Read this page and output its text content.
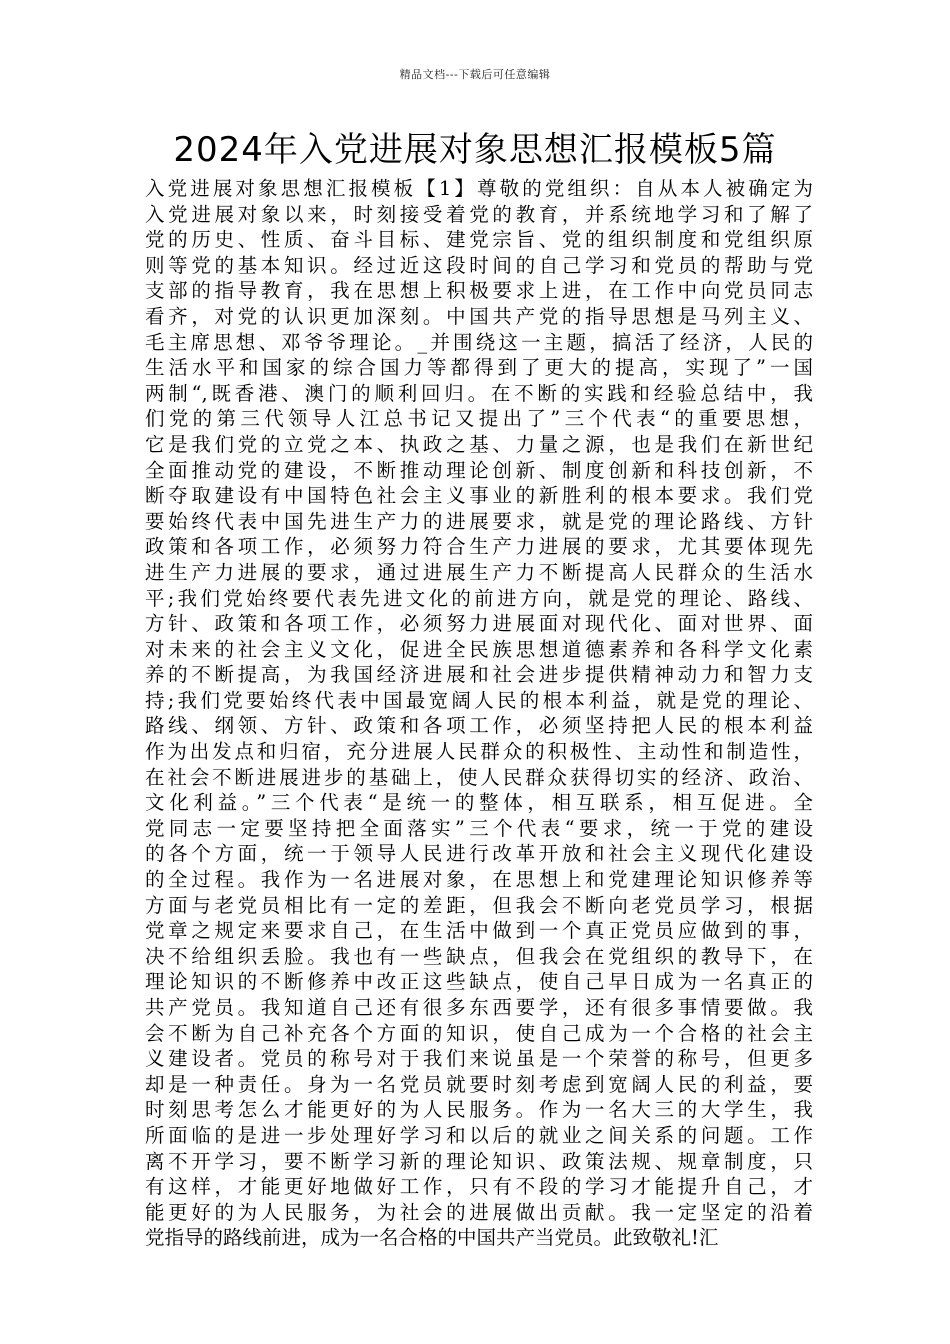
精品文档---下载后可任意编辑
2024年入党进展对象思想汇报模板5篇
入党进展对象思想汇报模板【1】尊敬的党组织：自从本人被确定为
入党进展对象以来，时刻接受着党的教育，并系统地学习和了解了
党的历史、性质、奋斗目标、建党宗旨、党的组织制度和党组织原
则等党的基本知识。经过近这段时间的自己学习和党员的帮助与党
支部的指导教育，我在思想上积极要求上进，在工作中向党员同志
看齐，对党的认识更加深刻。中国共产党的指导思想是马列主义、
毛主席思想、邓爷爷理论。_并围绕这一主题，搞活了经济，人民的
生活水平和国家的综合国力等都得到了更大的提高，实现了”一国
两制“,既香港、澳门的顺利回归。在不断的实践和经验总结中，我
们党的第三代领导人江总书记又提出了”三个代表“的重要思想，
它是我们党的立党之本、执政之基、力量之源，也是我们在新世纪
全面推动党的建设，不断推动理论创新、制度创新和科技创新，不
断夺取建设有中国特色社会主义事业的新胜利的根本要求。我们党
要始终代表中国先进生产力的进展要求，就是党的理论路线、方针
政策和各项工作，必须努力符合生产力进展的要求，尤其要体现先
进生产力进展的要求，通过进展生产力不断提高人民群众的生活水
平;我们党始终要代表先进文化的前进方向，就是党的理论、路线、
方针、政策和各项工作，必须努力进展面对现代化、面对世界、面
对未来的社会主义文化，促进全民族思想道德素养和各科学文化素
养的不断提高，为我国经济进展和社会进步提供精神动力和智力支
持;我们党要始终代表中国最宽阔人民的根本利益，就是党的理论、
路线、纲领、方针、政策和各项工作，必须坚持把人民的根本利益
作为出发点和归宿，充分进展人民群众的积极性、主动性和制造性，
在社会不断进展进步的基础上，使人民群众获得切实的经济、政治、
文化利益。”三个代表“是统一的整体，相互联系，相互促进。全
党同志一定要坚持把全面落实”三个代表“要求，统一于党的建设
的各个方面，统一于领导人民进行改革开放和社会主义现代化建设
的全过程。我作为一名进展对象，在思想上和党建理论知识修养等
方面与老党员相比有一定的差距，但我会不断向老党员学习，根据
党章之规定来要求自己，在生活中做到一个真正党员应做到的事，
决不给组织丢脸。我也有一些缺点，但我会在党组织的教导下，在
理论知识的不断修养中改正这些缺点，使自己早日成为一名真正的
共产党员。我知道自己还有很多东西要学，还有很多事情要做。我
会不断为自己补充各个方面的知识，使自己成为一个合格的社会主
义建设者。党员的称号对于我们来说虽是一个荣誉的称号，但更多
却是一种责任。身为一名党员就要时刻考虑到宽阔人民的利益，要
时刻思考怎么才能更好的为人民服务。作为一名大三的大学生，我
所面临的是进一步处理好学习和以后的就业之间关系的问题。工作
离不开学习，要不断学习新的理论知识、政策法规、规章制度，只
有这样，才能更好地做好工作，只有不段的学习才能提升自己，才
能更好的为人民服务，为社会的进展做出贡献。我一定坚定的沿着
党指导的路线前进，成为一名合格的中国共产当党员。此致敬礼!汇
